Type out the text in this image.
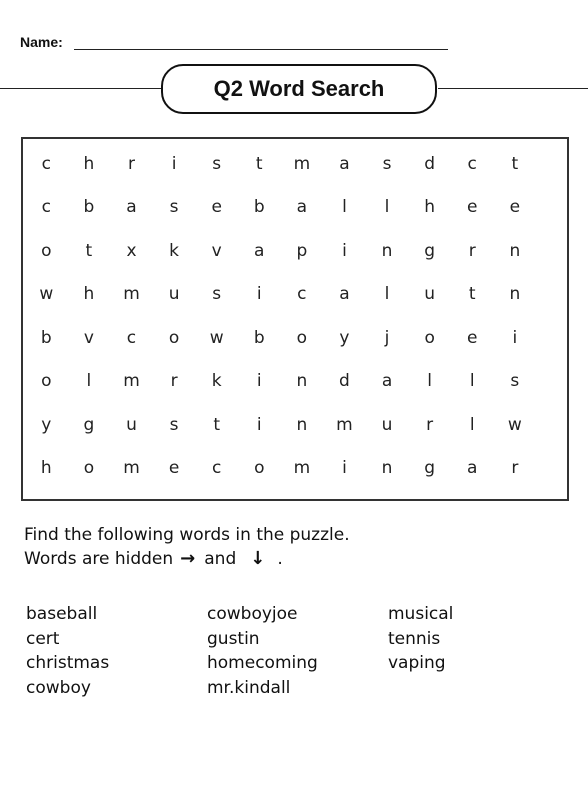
Name:
Q2 Word Search
c	h	r	i	s	t	m	a	s	d	c	t
c	b	a	s	e	b	a	l	l	h	e	e
o	t	x	k	v	a	p	i	n	g	r	n
w	h	m	u	s	i	c	a	l	u	t	n
b	v	c	o	w	b	o	y	j	o	e	i
o	l	m	r	k	i	n	d	a	l	l	s
y	g	u	s	t	i	n	m	u	r	l	w
h	o	m	e	c	o	m	i	n	g	a	r
Find the following words in the puzzle.
Words are hidden → and ↓ .
baseball
cert
christmas
cowboy
cowboyjoe
gustin
homecoming
mr.kindall
musical
tennis
vaping
